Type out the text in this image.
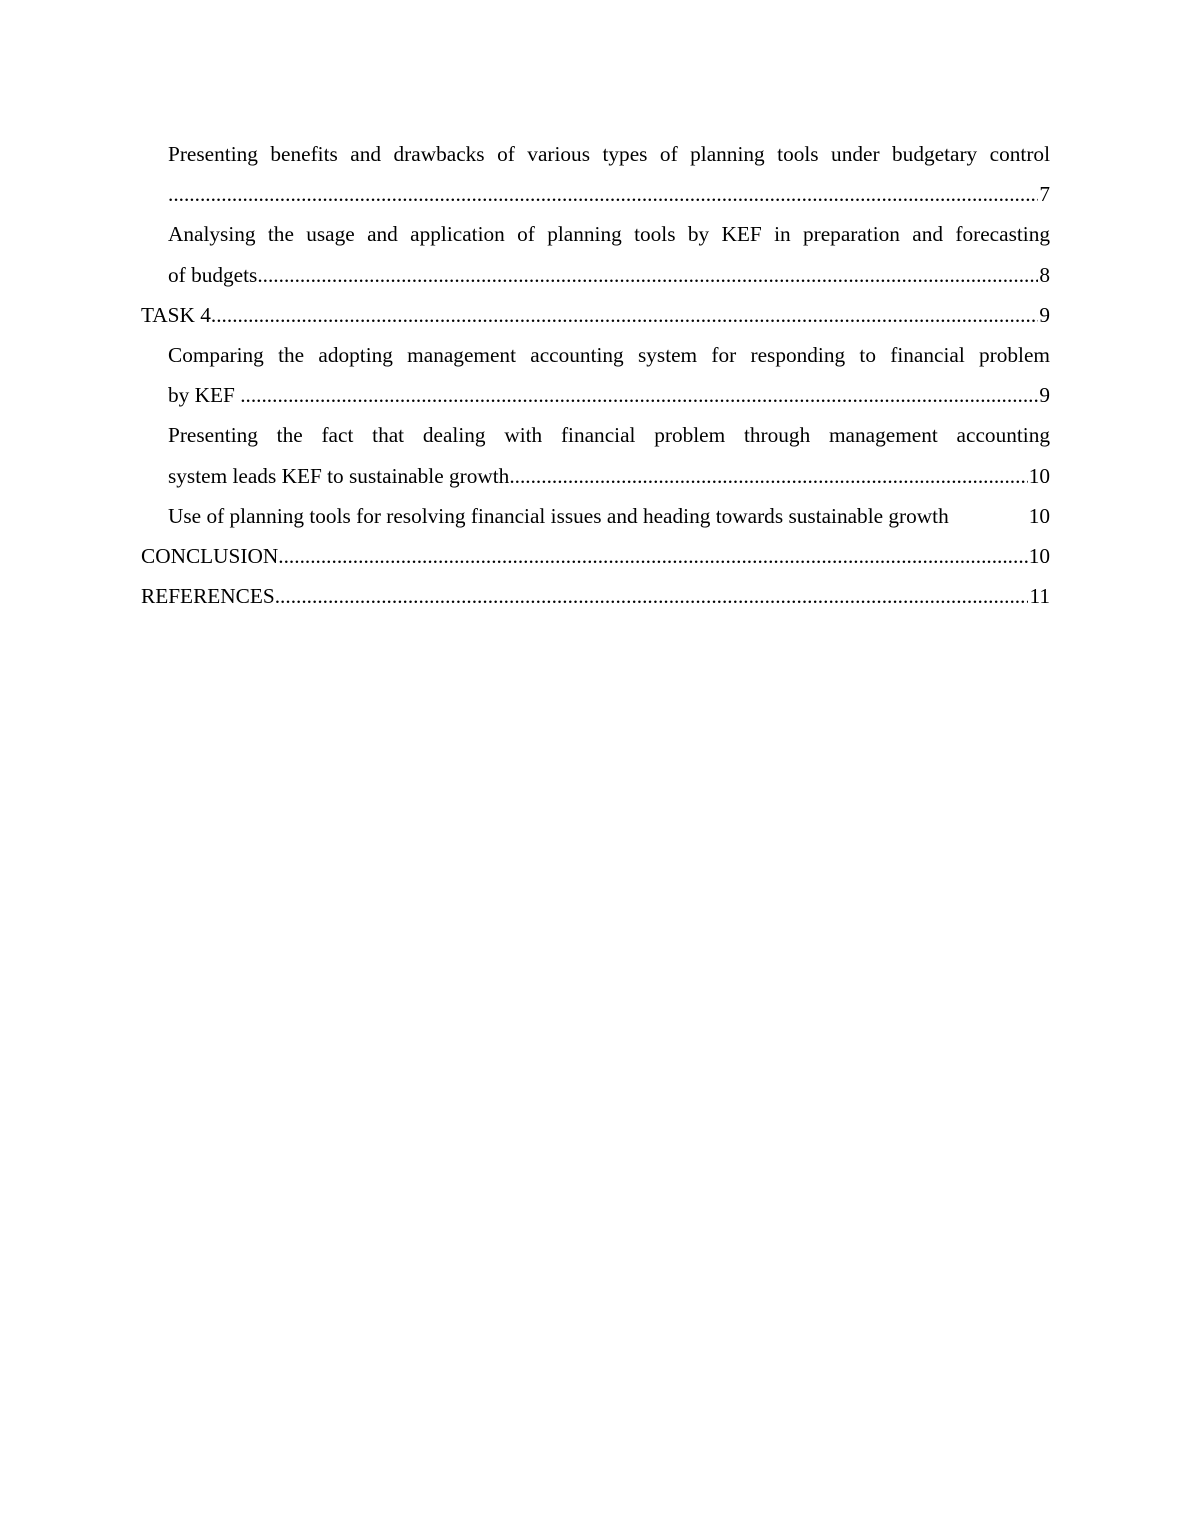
Presenting benefits and drawbacks of various types of planning tools under budgetary control
7
.....
Analysing the usage and application of planning tools by KEF in preparation and forecasting
8
of budgets .....
9
TASK 4 .....
Comparing the adopting management accounting system for responding to financial problem
9
by KEF .....
Presenting the fact that dealing with financial problem through management accounting
10
system leads KEF to sustainable growth .....
10
Use of planning tools for resolving financial issues and heading towards sustainable growth
10
CONCLUSION .....
11
REFERENCES .....
